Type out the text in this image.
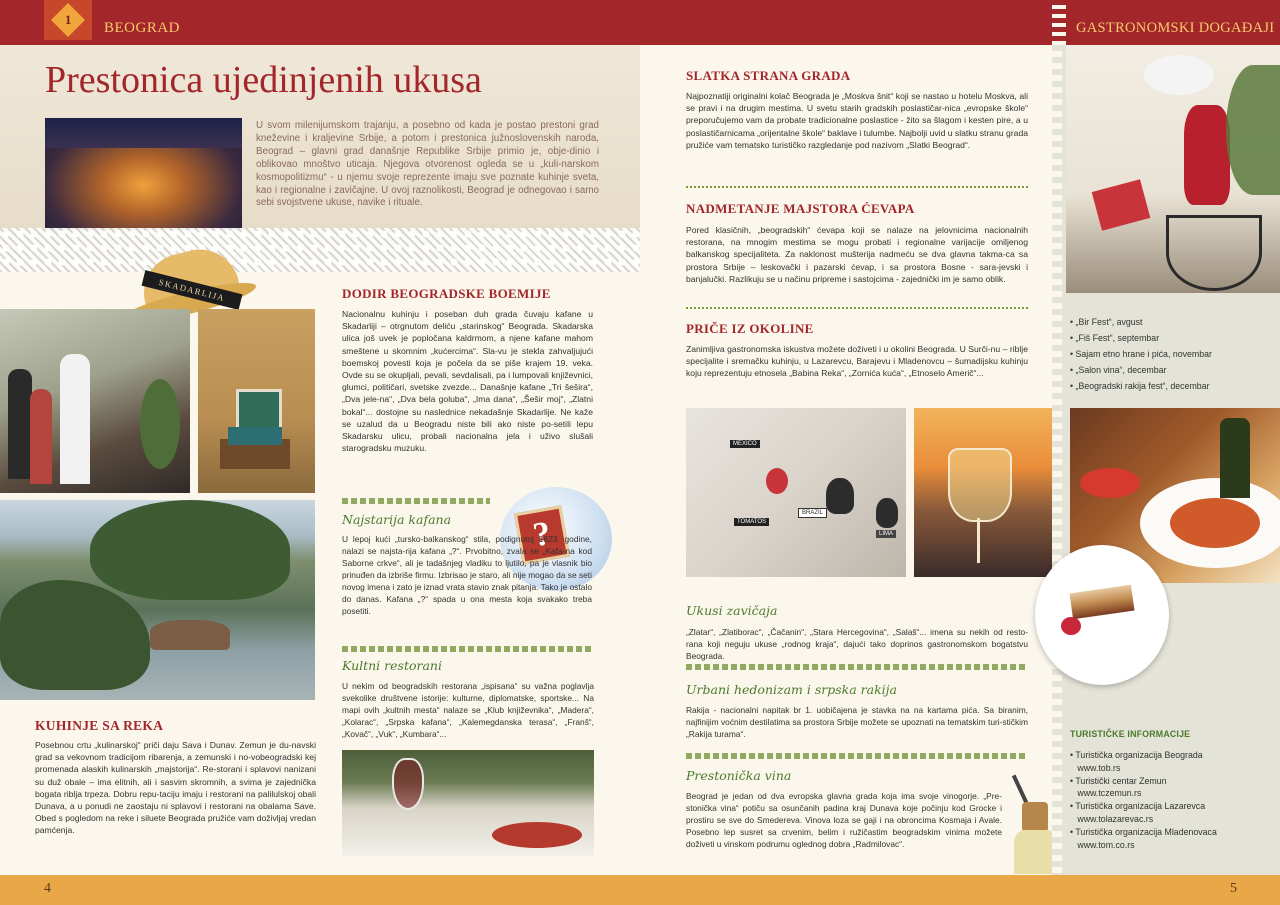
1
BEOGRAD	GASTRONOMSKI DOGAĐAJI
Prestonica ujedinjenih ukusa
U svom milenijumskom trajanju, a posebno od kada je postao prestoni grad kneževine i kraljevine Srbije, a potom i prestonica južnoslovenskih naroda, Beograd – glavni grad današnje Republike Srbije primio je, obje-dinio i oblikovao mnoštvo uticaja. Njegova otvorenost ogleda se u „kuli-narskom kosmopolitizmu“ - u njemu svoje reprezente imaju sve poznate kuhinje sveta, kao i regionalne i zavičajne. U ovoj raznolikosti, Beograd je odnegovao i samo sebi svojstvene ukuse, navike i rituale.
SKADARLIJA
KUHINJE SA REKA
Posebnou crtu „kulinarskoj“ priči daju Sava i Dunav. Zemun je du-navski grad sa vekovnom tradicijom ribarenja, a zemunski i no-vobeogradski kej promenada alaskih kulinarskih „majstorija“. Re-storani i splavovi nanizani su duž obale – ima elitnih, ali i sasvim skromnih, a svima je zajednička bogata riblja trpeza. Dobru repu-taciju imaju i restorani na palilulskoj obali Dunava, a u ponudi ne zaostaju ni splavovi i restorani na obalama Save. Obed s pogledom na reke i siluete Beograda pružiće vam doživljaj vredan pamćenja.
DODIR BEOGRADSKE BOEMIJE
Nacionalnu kuhinju i poseban duh grada čuvaju kafane u Skadarliji – otrgnutom deliću „starinskog“ Beograda. Skadarska ulica još uvek je popločana kaldrmom, a njene kafane mahom smeštene u skomnim „kućercima“. Sla-vu je stekla zahvaljujući boemskoj povesti koja je počela da se piše krajem 19. veka. Ovde su se okupljali, pevali, sevdalisali, pa i lumpovali književnici, glumci, političari, svetske zvezde... Današnje kafane „Tri šešira“, „Dva jele-na“, „Dva bela goluba“, „Ima dana“, „Šešir moj“, „Zlatni bokal“... dostojne su naslednice nekadašnje Skadarlije. Ne kaže se uzalud da u Beogradu niste bili ako niste po-setili lepu Skadarsku ulicu, probali nacionalna jela i uživo slušali starogradsku muzuku.
Najstarija kafana	?
U lepoj kući „tursko-balkanskog“ stila, podignutoj 1823. godine, nalazi se najsta-rija kafana „?“. Prvobitno, zvala se „Kafa-na kod Saborne crkve“, ali je tadašnjeg vladiku to ljutilo, pa je vlasnik bio prinuđen da izbriše firmu. Izbrisao je staro, ali nije mogao da se seti novog imena i zato je iznad vrata stavio znak pitanja. Tako je ostalo do danas. Kafana „?“ spada u ona mesta koja svakako treba posetiti.
Kultni restorani
U nekim od beogradskih restorana „ispisana“ su važna poglavlja svekolike društvene istorije: kulturne, diplomatske, sportske... Na mapi ovih „kultnih mesta“ nalaze se „Klub književnika“, „Madera“, „Kolarac“, „Srpska kafana“, „Kalemegdanska terasa“, „Franš“, „Kovač“, „Vuk“, „Kumbara“...
SLATKA STRANA GRADA
Najpoznatiji originalni kolač Beograda je „Moskva šnit“ koji se nastao u hotelu Moskva, ali se pravi i na drugim mestima. U svetu starih gradskih poslastičar-nica „evropske škole“ preporučujemo vam da probate tradicionalne poslastice - žito sa šlagom i kesten pire, a u poslastičarnicama „orijentalne škole“ baklave i tulumbe. Najbolji uvid u slatku stranu grada pružiće vam tematsko turističko razgledanje pod nazivom „Slatki Beograd“.
NADMETANJE MAJSTORA ĆEVAPA
Pored klasičnih, „beogradskih“ ćevapa koji se nalaze na jelovnicima nacionalnih restorana, na mnogim mestima se mogu probati i regionalne varijacije omiljenog balkanskog specijaliteta. Za naklonost mušterija nadmeću se dva glavna takma-ca sa prostora Srbije – leskovački i pazarski ćevap, i sa prostora Bosne - sara-jevski i banjalučki. Razlikuju se u načinu pripreme i sastojcima - zajednički im je samo oblik.
PRIČE IZ OKOLINE
Zanimljiva gastronomska iskustva možete doživeti i u okolini Beograda. U Surči-nu – riblje specijalite i sremačku kuhinju, u Lazarevcu, Barajevu i Mladenovcu – šumadijsku kuhinju koju reprezentuju etnosela „Babina Reka“, „Zornića kuća“, „Etnoselo Američ“...
MEXICO
TOMATOS
BRAZIL
LIMA
Ukusi zavičaja
„Zlatar“, „Zlatiborac“, „Čačanin“, „Stara Hercegovina“, „Salaš“... imena su nekih od resto-rana koji neguju ukuse „rodnog kraja“, dajući tako doprinos gastronomskom bogatstvu Beograda.
Urbani hedonizam i srpska rakija
Rakija - nacionalni napitak br 1. uobičajena je stavka na na kartama pića. Sa biranim, najfinijim voćnim destilatima sa prostora Srbije možete se upoznati na tematskim turi-stičkim „Rakija turama“.
Prestonička vina
Beograd je jedan od dva evropska glavna grada koja ima svoje vinogorje. „Pre-stonička vina“ potiču sa osunčanih padina kraj Dunava koje počinju kod Grocke i prostiru se sve do Smedereva. Vinova loza se gaji i na obroncima Kosmaja i Avale. Posebno lep susret sa crvenim, belim i ružičastim beogradskim vinima možete doživeti u vinskom podrumu oglednog dobra „Radmilovac“.
• „Bir Fest“, avgust
• „Fiš Fest“, septembar
• Sajam etno hrane i pića, novembar
• „Salon vina“, decembar
• „Beogradski rakija fest“, decembar
TURISTIČKE INFORMACIJE
• Turistička organizacija Beograda
www.tob.rs
• Turistički centar Zemun
www.tczemun.rs
• Turistička organizacija Lazarevca
www.tolazarevac.rs
• Turistička organizacija Mladenovaca
www.tom.co.rs
4	5
